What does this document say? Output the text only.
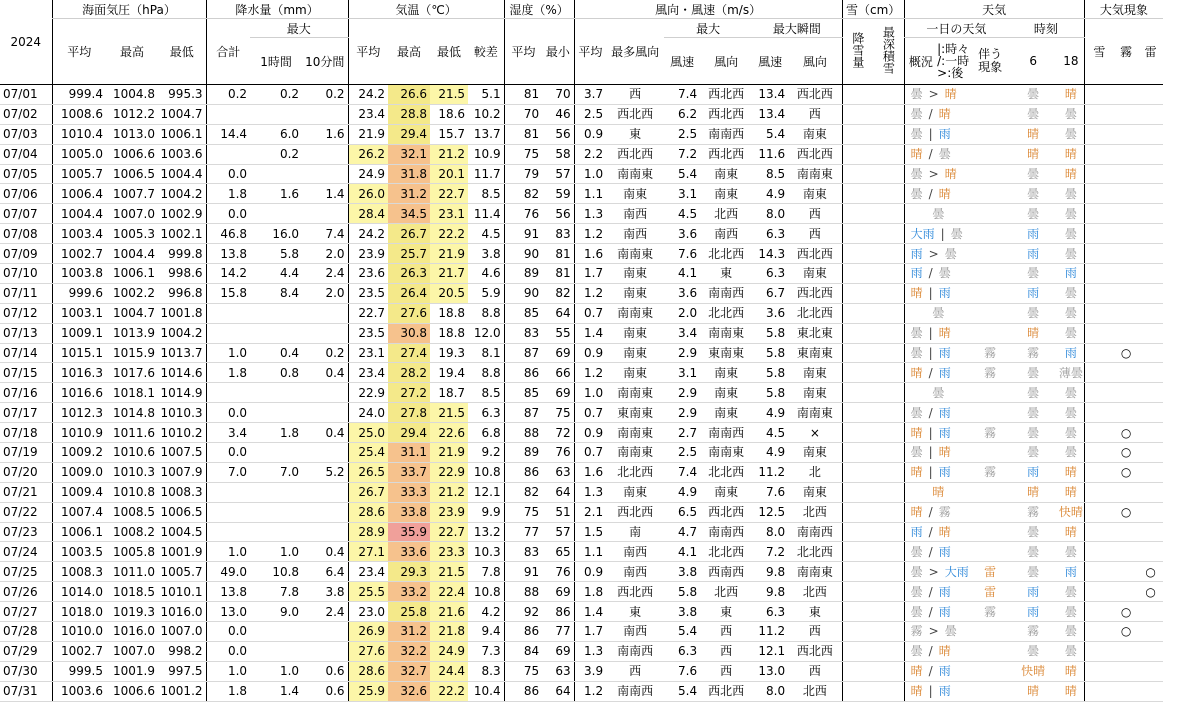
2024	海面気圧（hPa）			降水量（mm）			気温（℃）				湿度（%）		風向・風速（m/s）						雪（cm）		天気					大気現象		
	平均	最高	最低	合計	最大		平均	最高	最低	較差	平均	最小	平均	最多風向	最大		最大瞬間		降雪量	最深積雪	一日の天気			時刻		雪	霧	雷
					1時間	10分間									風速	風向	風速	風向			概況	|:時々
/:一時
>:後	伴う現象	6	18			
07/01	999.4	1004.8	995.3	0.2	0.2	0.2	24.2	26.6	21.5	5.1	81	70	3.7	西	7.4	西北西	13.4	西北西			曇 > 晴			曇	晴			
07/02	1008.6	1012.2	1004.7				23.4	28.8	18.6	10.2	70	46	2.5	西北西	6.2	西北西	13.4	西			曇 / 晴			曇	曇			
07/03	1010.4	1013.0	1006.1	14.4	6.0	1.6	21.9	29.4	15.7	13.7	81	56	0.9	東	2.5	南南西	5.4	南東			曇 | 雨			晴	曇			
07/04	1005.0	1006.6	1003.6		0.2		26.2	32.1	21.2	10.9	75	58	2.2	西北西	7.2	西北西	11.6	西北西			晴 / 曇			晴	晴			
07/05	1005.7	1006.5	1004.4	0.0			24.9	31.8	20.1	11.7	79	57	1.0	南南東	5.4	南東	8.5	南南東			曇 > 晴			曇	晴			
07/06	1006.4	1007.7	1004.2	1.8	1.6	1.4	26.0	31.2	22.7	8.5	82	59	1.1	南東	3.1	南東	4.9	南東			曇 / 晴			曇	曇			
07/07	1004.4	1007.0	1002.9	0.0			28.4	34.5	23.1	11.4	76	56	1.3	南西	4.5	北西	8.0	西			曇			曇	曇			
07/08	1003.4	1005.3	1002.1	46.8	16.0	7.4	24.2	26.7	22.2	4.5	91	83	1.2	南西	3.6	南西	6.3	西			大雨 | 曇			雨	曇			
07/09	1002.7	1004.4	999.8	13.8	5.8	2.0	23.9	25.7	21.9	3.8	90	81	1.6	南南東	7.6	北北西	14.3	西北西			雨 > 曇			雨	曇			
07/10	1003.8	1006.1	998.6	14.2	4.4	2.4	23.6	26.3	21.7	4.6	89	81	1.7	南東	4.1	東	6.3	南東			雨 / 曇			曇	雨			
07/11	999.6	1002.2	996.8	15.8	8.4	2.0	23.5	26.4	20.5	5.9	90	82	1.2	南東	3.6	南南西	6.7	西北西			晴 | 雨			雨	曇			
07/12	1003.1	1004.7	1001.8				22.7	27.6	18.8	8.8	85	64	0.7	南南東	2.0	北北西	3.6	北北西			曇			曇	曇			
07/13	1009.1	1013.9	1004.2				23.5	30.8	18.8	12.0	83	55	1.4	南東	3.4	南南東	5.8	東北東			曇 | 晴			晴	曇			
07/14	1015.1	1015.9	1013.7	1.0	0.4	0.2	23.1	27.4	19.3	8.1	87	69	0.9	南東	2.9	東南東	5.8	東南東			曇 | 雨		霧	霧	雨		○	
07/15	1016.3	1017.6	1014.6	1.8	0.8	0.4	23.4	28.2	19.4	8.8	86	66	1.2	南東	3.1	南東	5.8	南東			晴 / 雨		霧	曇	薄曇			
07/16	1016.6	1018.1	1014.9				22.9	27.2	18.7	8.5	85	69	1.0	南南東	2.9	南東	5.8	南東			曇			曇	曇			
07/17	1012.3	1014.8	1010.3	0.0			24.0	27.8	21.5	6.3	87	75	0.7	東南東	2.9	南東	4.9	南南東			曇 / 雨			曇	曇			
07/18	1010.9	1011.6	1010.2	3.4	1.8	0.4	25.0	29.4	22.6	6.8	88	72	0.9	南南東	2.7	南南西	4.5	×			晴 | 雨		霧	曇	曇		○	
07/19	1009.2	1010.6	1007.5	0.0			25.4	31.1	21.9	9.2	89	76	0.7	南南東	2.5	南南東	4.9	南東			曇 | 晴			曇	曇		○	
07/20	1009.0	1010.3	1007.9	7.0	7.0	5.2	26.5	33.7	22.9	10.8	86	63	1.6	北北西	7.4	北北西	11.2	北			晴 | 雨		霧	雨	晴		○	
07/21	1009.4	1010.8	1008.3				26.7	33.3	21.2	12.1	82	64	1.3	南東	4.9	南東	7.6	南東			晴			晴	晴			
07/22	1007.4	1008.5	1006.5				28.6	33.8	23.9	9.9	75	51	2.1	西北西	6.5	西北西	12.5	北西			晴 / 霧			霧	快晴		○	
07/23	1006.1	1008.2	1004.5				28.9	35.9	22.7	13.2	77	57	1.5	南	4.7	南南西	8.0	南南西			雨 / 晴			曇	晴			
07/24	1003.5	1005.8	1001.9	1.0	1.0	0.4	27.1	33.6	23.3	10.3	83	65	1.1	南西	4.1	北北西	7.2	北北西			曇 / 雨			曇	曇			
07/25	1008.3	1011.0	1005.7	49.0	10.8	6.4	23.4	29.3	21.5	7.8	91	76	0.9	南西	3.8	西南西	9.8	南南東			曇 > 大雨		雷	曇	雨			○
07/26	1014.0	1018.5	1010.1	13.8	7.8	3.8	25.5	33.2	22.4	10.8	88	69	1.8	西北西	5.8	北西	9.8	北西			曇 / 雨		雷	雨	曇			○
07/27	1018.0	1019.3	1016.0	13.0	9.0	2.4	23.0	25.8	21.6	4.2	92	86	1.4	東	3.8	東	6.3	東			曇 / 雨		霧	雨	曇		○	
07/28	1010.0	1016.0	1007.0	0.0			26.9	31.2	21.8	9.4	86	77	1.7	南西	5.4	西	11.2	西			霧 > 曇			霧	曇		○	
07/29	1002.7	1007.0	998.2	0.0			27.6	32.2	24.9	7.3	84	69	1.3	南南西	6.3	西	12.1	西北西			曇 / 晴			曇	曇			
07/30	999.5	1001.9	997.5	1.0	1.0	0.6	28.6	32.7	24.4	8.3	75	63	3.9	西	7.6	西	13.0	西			晴 / 雨			快晴	晴			
07/31	1003.6	1006.6	1001.2	1.8	1.4	0.6	25.9	32.6	22.2	10.4	86	64	1.2	南南西	5.4	西北西	8.0	北西			晴 | 雨			晴	晴			
